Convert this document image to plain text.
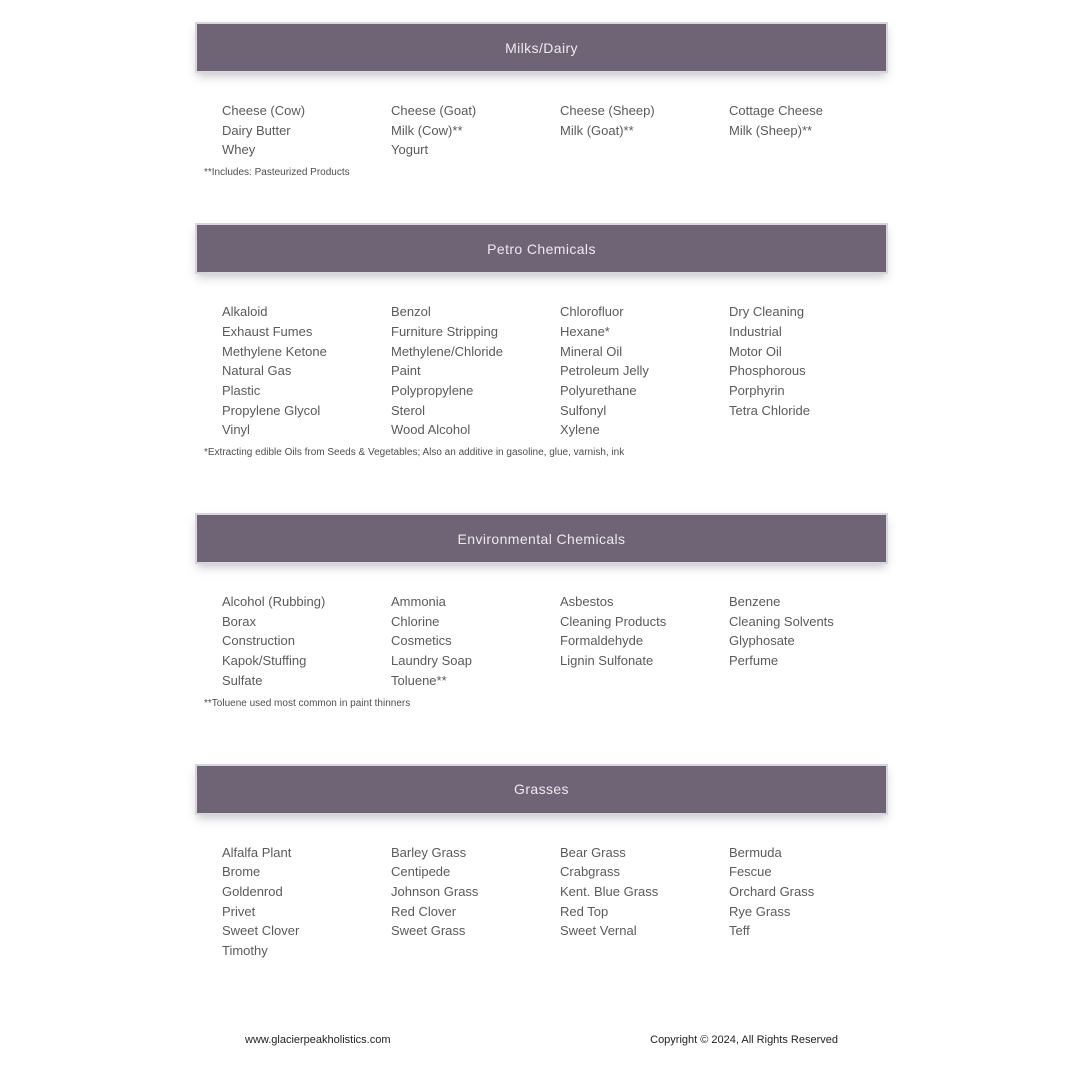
Milks/Dairy
Cheese (Cow)
Dairy Butter
Whey
Cheese (Goat)
Milk (Cow)**
Yogurt
Cheese (Sheep)
Milk (Goat)**
Cottage Cheese
Milk (Sheep)**

**Includes: Pasteurized Products

Petro Chemicals
Alkaloid
Exhaust Fumes
Methylene Ketone
Natural Gas
Plastic
Propylene Glycol
Vinyl
Benzol
Furniture Stripping
Methylene/Chloride
Paint
Polypropylene
Sterol
Wood Alcohol
Chlorofluor
Hexane*
Mineral Oil
Petroleum Jelly
Polyurethane
Sulfonyl
Xylene
Dry Cleaning
Industrial
Motor Oil
Phosphorous
Porphyrin
Tetra Chloride

*Extracting edible Oils from Seeds & Vegetables; Also an additive in gasoline, glue, varnish, ink

Environmental Chemicals
Alcohol (Rubbing)
Borax
Construction
Kapok/Stuffing
Sulfate
Ammonia
Chlorine
Cosmetics
Laundry Soap
Toluene**
Asbestos
Cleaning Products
Formaldehyde
Lignin Sulfonate
Benzene
Cleaning Solvents
Glyphosate
Perfume

**Toluene used most common in paint thinners

Grasses
Alfalfa Plant
Brome
Goldenrod
Privet
Sweet Clover
Timothy
Barley Grass
Centipede
Johnson Grass
Red Clover
Sweet Grass
Bear Grass
Crabgrass
Kent. Blue Grass
Red Top
Sweet Vernal
Bermuda
Fescue
Orchard Grass
Rye Grass
Teff
www.glacierpeakholistics.com	Copyright © 2024, All Rights Reserved
